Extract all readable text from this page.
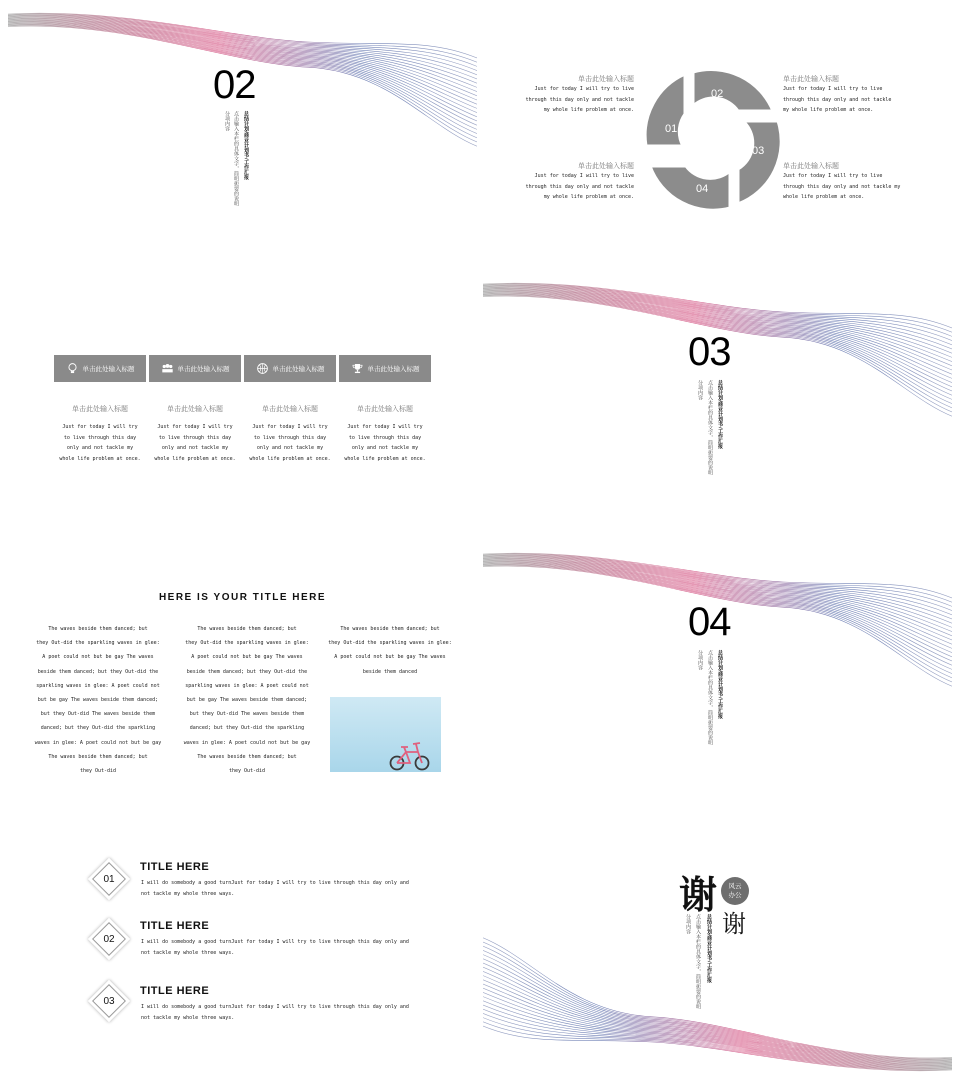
02
总结计划/商业计划书/工作汇报
点击输入本栏的具体文字，简明扼要的说明
分项内容
单击此处输入标题
Just for today I will try to live
through this day only and not tackle
my whole life problem at once.
单击此处输入标题
Just for today I will try to live
through this day only and not tackle
my whole life problem at once.
单击此处输入标题
Just for today I will try to live
through this day only and not tackle
my whole life problem at once.
单击此处输入标题
Just for today I will try to live
through this day only and not tackle my
whole life problem at once.
01
02
03
04
单击此处输入标题	单击此处输入标题	单击此处输入标题	单击此处输入标题
单击此处输入标题
Just for today I will try
to live through this day
only and not tackle my
whole life problem at once.
单击此处输入标题
Just for today I will try
to live through this day
only and not tackle my
whole life problem at once.
单击此处输入标题
Just for today I will try
to live through this day
only and not tackle my
whole life problem at once.
单击此处输入标题
Just for today I will try
to live through this day
only and not tackle my
whole life problem at once.
03
总结计划/商业计划书/工作汇报
点击输入本栏的具体文字，简明扼要的说明
分项内容
HERE IS YOUR TITLE HERE
The waves beside them danced; but
they Out-did the sparkling waves in glee:
A poet could not but be gay The waves
beside them danced; but they Out-did the
sparkling waves in glee: A poet could not
but be gay The waves beside them danced;
but they Out-did The waves beside them
danced; but they Out-did the sparkling
waves in glee: A poet could not but be gay
The waves beside them danced; but
they Out-did
The waves beside them danced; but
they Out-did the sparkling waves in glee:
A poet could not but be gay The waves
beside them danced; but they Out-did the
sparkling waves in glee: A poet could not
but be gay The waves beside them danced;
but they Out-did The waves beside them
danced; but they Out-did the sparkling
waves in glee: A poet could not but be gay
The waves beside them danced; but
they Out-did
The waves beside them danced; but
they Out-did the sparkling waves in glee:
A poet could not but be gay The waves
beside them danced
04
总结计划/商业计划书/工作汇报
点击输入本栏的具体文字，简明扼要的说明
分项内容
01
TITLE HERE
I will do somebody a good turnJust for today I will try to live through this day only and
not tackle my whole three ways.
02
TITLE HERE
I will do somebody a good turnJust for today I will try to live through this day only and
not tackle my whole three ways.
03
TITLE HERE
I will do somebody a good turnJust for today I will try to live through this day only and
not tackle my whole three ways.
谢	风云
办公
谢
总结计划/商业计划书/工作汇报
点击输入本栏的具体文字，简明扼要的说明
分项内容
